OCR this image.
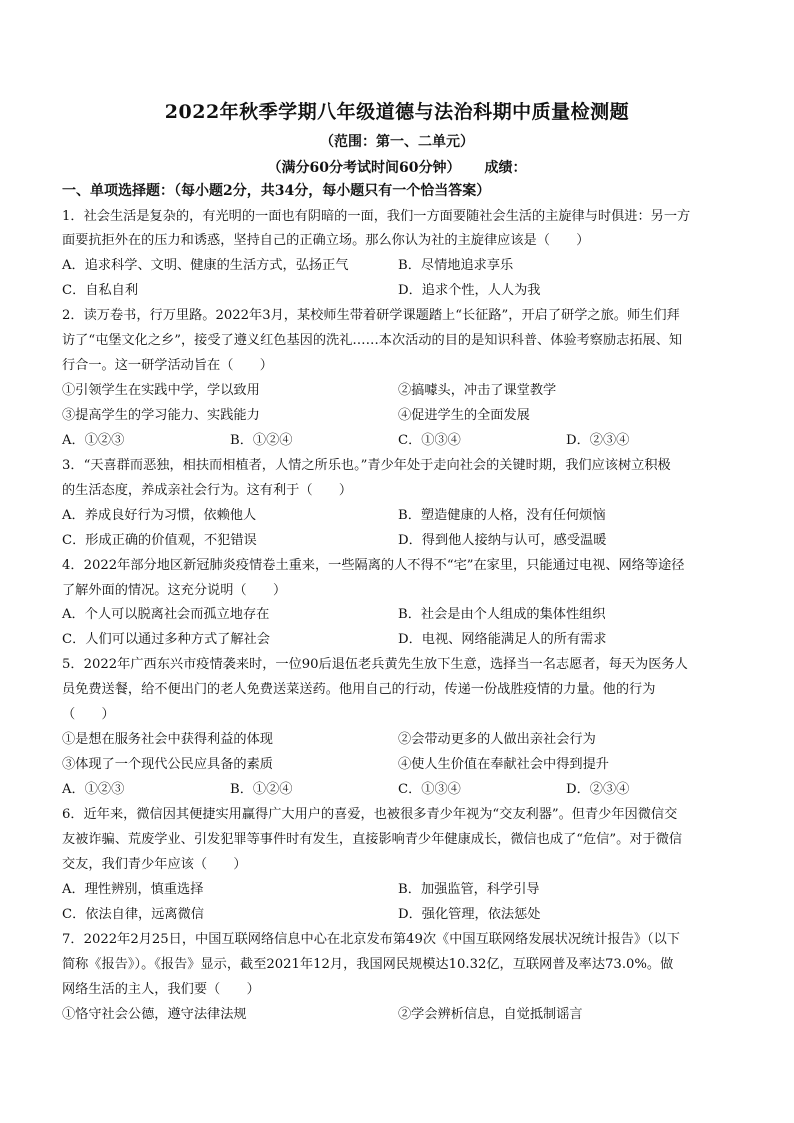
2022年秋季学期八年级道德与法治科期中质量检测题
（范围：第一、二单元）
（满分60分考试时间60分钟） 成绩：
一、单项选择题：（每小题2分，共34分，每小题只有一个恰当答案）
1．社会生活是复杂的，有光明的一面也有阴暗的一面，我们一方面要随社会生活的主旋律与时俱进：另一方
面要抗拒外在的压力和诱惑，坚持自己的正确立场。那么你认为社的主旋律应该是（　　）
A．追求科学、文明、健康的生活方式，弘扬正气	B．尽情地追求享乐
C．自私自利	D．追求个性，人人为我
2．读万卷书，行万里路。2022年3月，某校师生带着研学课题踏上“长征路”，开启了研学之旅。师生们拜
访了“屯堡文化之乡”，接受了遵义红色基因的洗礼……本次活动的目的是知识科普、体验考察励志拓展、知
行合一。这一研学活动旨在（　　）
①引领学生在实践中学，学以致用	②搞噱头，冲击了课堂教学
③提高学生的学习能力、实践能力	④促进学生的全面发展
A．①②③	B．①②④	C．①③④	D．②③④
3．“天喜群而恶独，相扶而相植者，人情之所乐也。”青少年处于走向社会的关键时期，我们应该树立积极
的生活态度，养成亲社会行为。这有利于（　　）
A．养成良好行为习惯，依赖他人	B．塑造健康的人格，没有任何烦恼
C．形成正确的价值观，不犯错误	D．得到他人接纳与认可，感受温暖
4．2022年部分地区新冠肺炎疫情卷土重来，一些隔离的人不得不“宅”在家里，只能通过电视、网络等途径
了解外面的情况。这充分说明（　　）
A．个人可以脱离社会而孤立地存在	B．社会是由个人组成的集体性组织
C．人们可以通过多种方式了解社会	D．电视、网络能满足人的所有需求
5．2022年广西东兴市疫情袭来时，一位90后退伍老兵黄先生放下生意，选择当一名志愿者，每天为医务人
员免费送餐，给不便出门的老人免费送菜送药。他用自己的行动，传递一份战胜疫情的力量。他的行为
（　　）
①是想在服务社会中获得利益的体现	②会带动更多的人做出亲社会行为
③体现了一个现代公民应具备的素质	④使人生价值在奉献社会中得到提升
A．①②③	B．①②④	C．①③④	D．②③④
6．近年来，微信因其便捷实用赢得广大用户的喜爱，也被很多青少年视为“交友利器”。但青少年因微信交
友被诈骗、荒废学业、引发犯罪等事件时有发生，直接影响青少年健康成长，微信也成了“危信”。对于微信
交友，我们青少年应该（　　）
A．理性辨别，慎重选择	B．加强监管，科学引导
C．依法自律，远离微信	D．强化管理，依法惩处
7．2022年2月25日，中国互联网络信息中心在北京发布第49次《中国互联网络发展状况统计报告》（以下
简称《报告》）。《报告》显示，截至2021年12月，我国网民规模达10.32亿，互联网普及率达73.0%。做
网络生活的主人，我们要（　　）
①恪守社会公德，遵守法律法规	②学会辨析信息，自觉抵制谣言
